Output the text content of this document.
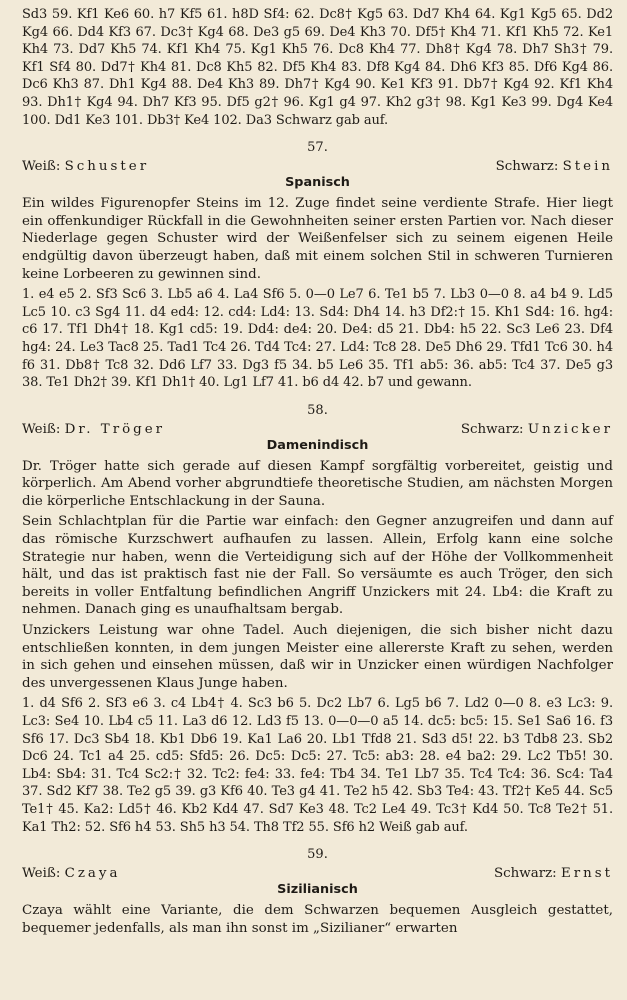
Sd3 59. Kf1 Ke6 60. h7 Kf5 61. h8D Sf4: 62. Dc8† Kg5 63. Dd7 Kh4 64. Kg1 Kg5 65. Dd2 Kg4 66. Dd4 Kf3 67. Dc3† Kg4 68. De3 g5 69. De4 Kh3 70. Df5† Kh4 71. Kf1 Kh5 72. Ke1 Kh4 73. Dd7 Kh5 74. Kf1 Kh4 75. Kg1 Kh5 76. Dc8 Kh4 77. Dh8† Kg4 78. Dh7 Sh3† 79. Kf1 Sf4 80. Dd7† Kh4 81. Dc8 Kh5 82. Df5 Kh4 83. Df8 Kg4 84. Dh6 Kf3 85. Df6 Kg4 86. Dc6 Kh3 87. Dh1 Kg4 88. De4 Kh3 89. Dh7† Kg4 90. Ke1 Kf3 91. Db7† Kg4 92. Kf1 Kh4 93. Dh1† Kg4 94. Dh7 Kf3 95. Df5 g2† 96. Kg1 g4 97. Kh2 g3† 98. Kg1 Ke3 99. Dg4 Ke4 100. Dd1 Ke3 101. Db3† Ke4 102. Da3 Schwarz gab auf.

57.
Weiß: Schuster	Schwarz: Stein
Spanisch

Ein wildes Figurenopfer Steins im 12. Zuge findet seine verdiente Strafe. Hier liegt ein offenkundiger Rückfall in die Gewohnheiten seiner ersten Partien vor. Nach dieser Niederlage gegen Schuster wird der Weißenfelser sich zu seinem eigenen Heile endgültig davon überzeugt haben, daß mit einem solchen Stil in schweren Turnieren keine Lorbeeren zu gewinnen sind.

1. e4 e5 2. Sf3 Sc6 3. Lb5 a6 4. La4 Sf6 5. 0—0 Le7 6. Te1 b5 7. Lb3 0—0 8. a4 b4 9. Ld5 Lc5 10. c3 Sg4 11. d4 ed4: 12. cd4: Ld4: 13. Sd4: Dh4 14. h3 Df2:† 15. Kh1 Sd4: 16. hg4: c6 17. Tf1 Dh4† 18. Kg1 cd5: 19. Dd4: de4: 20. De4: d5 21. Db4: h5 22. Sc3 Le6 23. Df4 hg4: 24. Le3 Tac8 25. Tad1 Tc4 26. Td4 Tc4: 27. Ld4: Tc8 28. De5 Dh6 29. Tfd1 Tc6 30. h4 f6 31. Db8† Tc8 32. Dd6 Lf7 33. Dg3 f5 34. b5 Le6 35. Tf1 ab5: 36. ab5: Tc4 37. De5 g3 38. Te1 Dh2† 39. Kf1 Dh1† 40. Lg1 Lf7 41. b6 d4 42. b7 und gewann.

58.
Weiß: Dr. Tröger	Schwarz: Unzicker
Damenindisch

Dr. Tröger hatte sich gerade auf diesen Kampf sorgfältig vorbereitet, geistig und körperlich. Am Abend vorher abgrundtiefe theoretische Studien, am nächsten Morgen die körperliche Entschlackung in der Sauna.

Sein Schlachtplan für die Partie war einfach: den Gegner anzugreifen und dann auf das römische Kurzschwert aufhaufen zu lassen. Allein, Erfolg kann eine solche Strategie nur haben, wenn die Verteidigung sich auf der Höhe der Vollkommenheit hält, und das ist praktisch fast nie der Fall. So versäumte es auch Tröger, den sich bereits in voller Entfaltung befindlichen Angriff Unzickers mit 24. Lb4: die Kraft zu nehmen. Danach ging es unaufhaltsam bergab.

Unzickers Leistung war ohne Tadel. Auch diejenigen, die sich bisher nicht dazu entschließen konnten, in dem jungen Meister eine allererste Kraft zu sehen, werden in sich gehen und einsehen müssen, daß wir in Unzicker einen würdigen Nachfolger des unvergessenen Klaus Junge haben.

1. d4 Sf6 2. Sf3 e6 3. c4 Lb4† 4. Sc3 b6 5. Dc2 Lb7 6. Lg5 b6 7. Ld2 0—0 8. e3 Lc3: 9. Lc3: Se4 10. Lb4 c5 11. La3 d6 12. Ld3 f5 13. 0—0—0 a5 14. dc5: bc5: 15. Se1 Sa6 16. f3 Sf6 17. Dc3 Sb4 18. Kb1 Db6 19. Ka1 La6 20. Lb1 Tfd8 21. Sd3 d5! 22. b3 Tdb8 23. Sb2 Dc6 24. Tc1 a4 25. cd5: Sfd5: 26. Dc5: Dc5: 27. Tc5: ab3: 28. e4 ba2: 29. Lc2 Tb5! 30. Lb4: Sb4: 31. Tc4 Sc2:† 32. Tc2: fe4: 33. fe4: Tb4 34. Te1 Lb7 35. Tc4 Tc4: 36. Sc4: Ta4 37. Sd2 Kf7 38. Te2 g5 39. g3 Kf6 40. Te3 g4 41. Te2 h5 42. Sb3 Te4: 43. Tf2† Ke5 44. Sc5 Te1† 45. Ka2: Ld5† 46. Kb2 Kd4 47. Sd7 Ke3 48. Tc2 Le4 49. Tc3† Kd4 50. Tc8 Te2† 51. Ka1 Th2: 52. Sf6 h4 53. Sh5 h3 54. Th8 Tf2 55. Sf6 h2 Weiß gab auf.

59.
Weiß: Czaya	Schwarz: Ernst
Sizilianisch

Czaya wählt eine Variante, die dem Schwarzen bequemen Ausgleich gestattet, bequemer jedenfalls, als man ihn sonst im „Sizilianer“ erwarten
